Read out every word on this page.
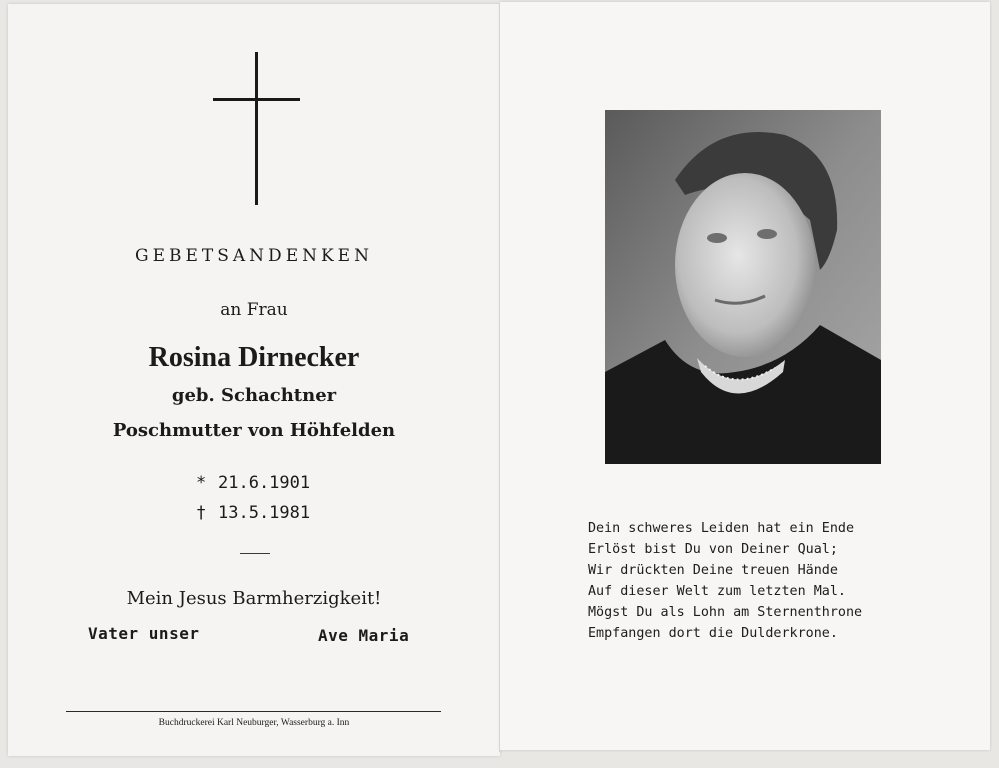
GEBETSANDENKEN
an Frau
Rosina Dirnecker
geb. Schachtner
Poschmutter von Höhfelden
* 21.6.1901
† 13.5.1981
Mein Jesus Barmherzigkeit!
Vater unser	Ave Maria
Buchdruckerei Karl Neuburger, Wasserburg a. Inn
Dein schweres Leiden hat ein Ende
Erlöst bist Du von Deiner Qual;
Wir drückten Deine treuen Hände
Auf dieser Welt zum letzten Mal.
Mögst Du als Lohn am Sternenthrone
Empfangen dort die Dulderkrone.
